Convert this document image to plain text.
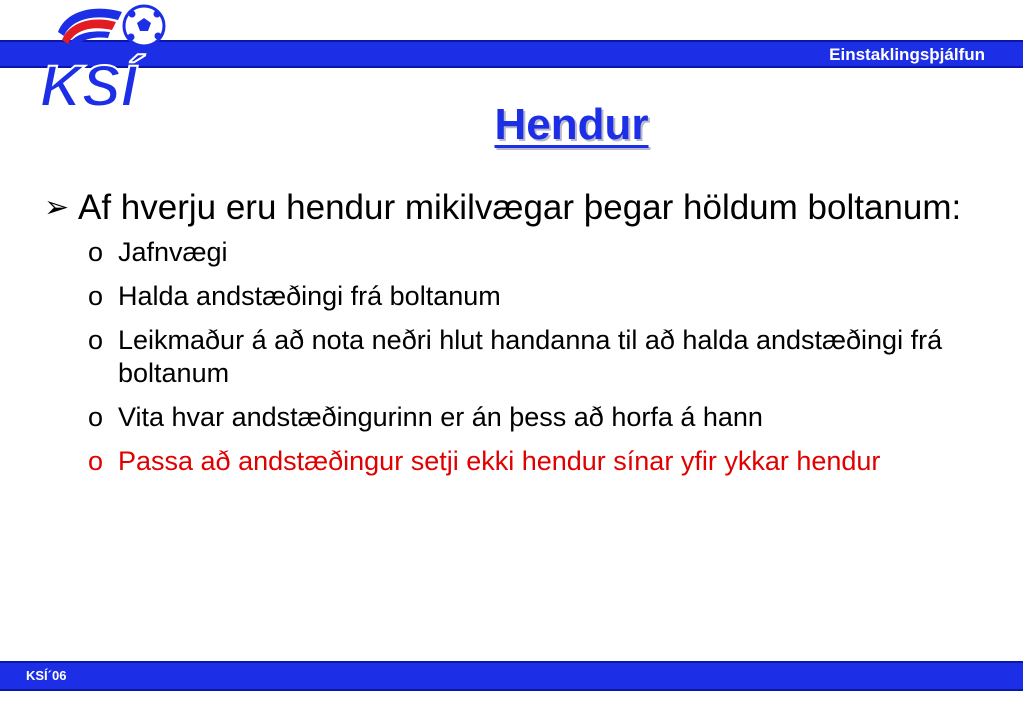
Einstaklingsþjálfun
KSÍ
Hendur
➢ Af hverju eru hendur mikilvægar þegar höldum boltanum:
o Jafnvægi
o Halda andstæðingi frá boltanum
o Leikmaður á að nota neðri hlut handanna til að halda andstæðingi frá boltanum
o Vita hvar andstæðingurinn er án þess að horfa á hann
o Passa að andstæðingur setji ekki hendur sínar yfir ykkar hendur
KSÍ´06
